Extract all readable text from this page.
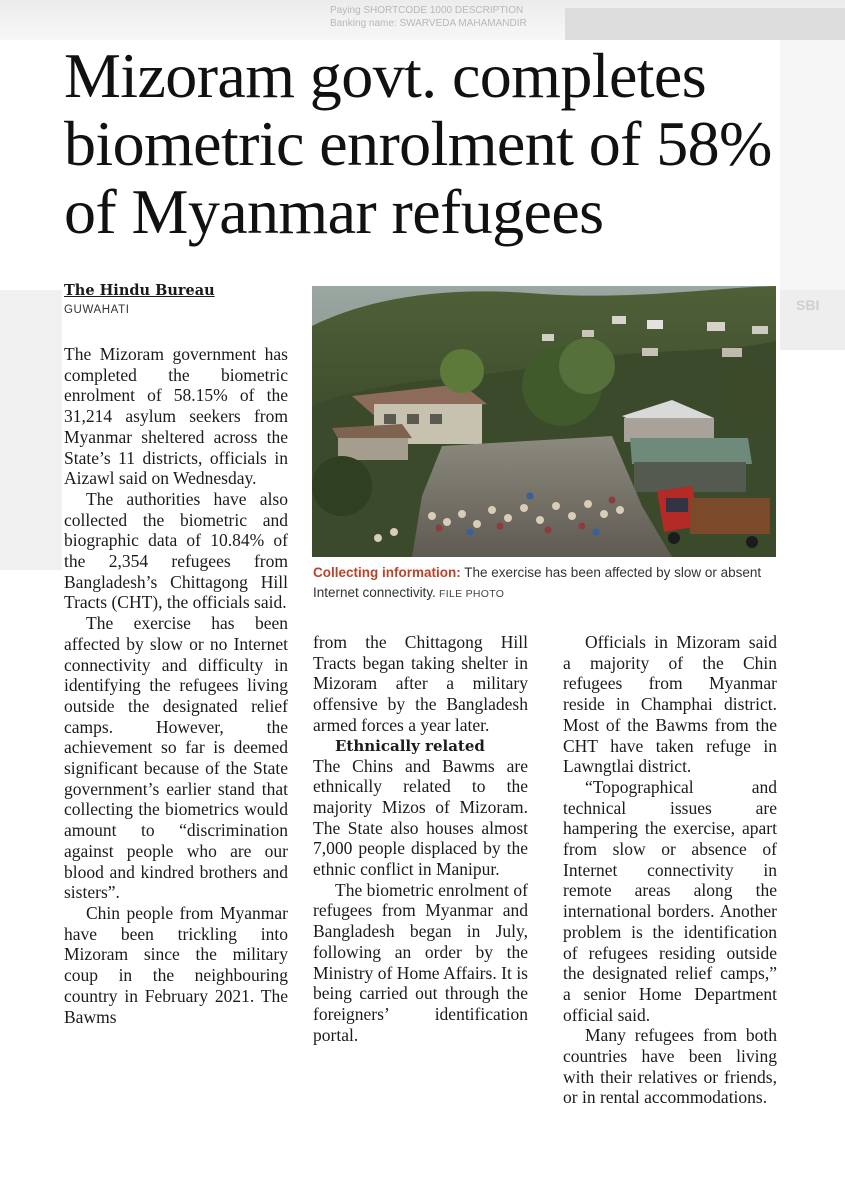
Paying SHORTCODE 1000 DESCRIPTION
Banking name: SWARVEDA MAHAMANDIR
SBI
Mizoram govt. completes biometric enrolment of 58% of Myanmar refugees
The Hindu Bureau
GUWAHATI

The Mizoram government has completed the biometric enrolment of 58.15% of the 31,214 asylum seekers from Myanmar sheltered across the State’s 11 districts, officials in Aizawl said on Wednesday.

The authorities have also collected the biometric and biographic data of 10.84% of the 2,354 refugees from Bangladesh’s Chittagong Hill Tracts (CHT), the officials said.

The exercise has been affected by slow or no Internet connectivity and difficulty in identifying the refugees living outside the designated relief camps. However, the achievement so far is deemed significant because of the State government’s earlier stand that collecting the biometrics would amount to “discrimination against people who are our blood and kindred brothers and sisters”.

Chin people from Myanmar have been trickling into Mizoram since the military coup in the neighbouring country in February 2021. The Bawms

Collecting information: The exercise has been affected by slow or absent Internet connectivity. FILE PHOTO

from the Chittagong Hill Tracts began taking shelter in Mizoram after a military offensive by the Bangladesh armed forces a year later.

Ethnically related

The Chins and Bawms are ethnically related to the majority Mizos of Mizoram. The State also houses almost 7,000 people displaced by the ethnic conflict in Manipur.

The biometric enrolment of refugees from Myanmar and Bangladesh began in July, following an order by the Ministry of Home Affairs. It is being carried out through the foreigners’ identification portal.

Officials in Mizoram said a majority of the Chin refugees from Myanmar reside in Champhai district. Most of the Bawms from the CHT have taken refuge in Lawngtlai district.

“Topographical and technical issues are hampering the exercise, apart from slow or absence of Internet connectivity in remote areas along the international borders. Another problem is the identification of refugees residing outside the designated relief camps,” a senior Home Department official said.

Many refugees from both countries have been living with their relatives or friends, or in rental accommodations.
